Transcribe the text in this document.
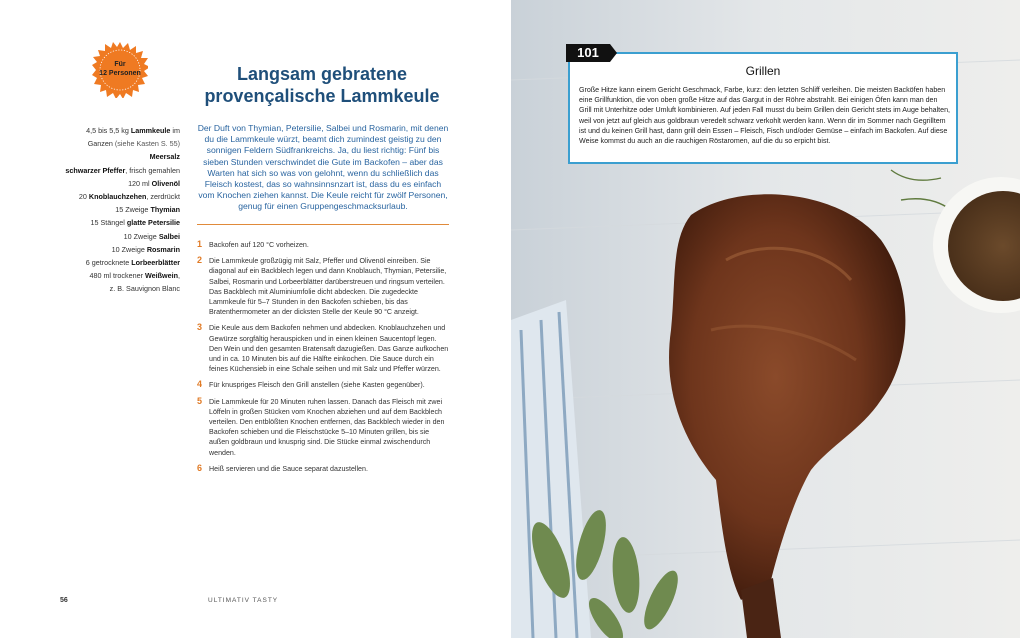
Für
12 Personen
4,5 bis 5,5 kg Lammkeule im
Ganzen (siehe Kasten S. 55)
Meersalz
schwarzer Pfeffer, frisch gemahlen
120 ml Olivenöl
20 Knoblauchzehen, zerdrückt
15 Zweige Thymian
15 Stängel glatte Petersilie
10 Zweige Salbei
10 Zweige Rosmarin
6 getrocknete Lorbeerblätter
480 ml trockener Weißwein,
z. B. Sauvignon Blanc
Langsam gebratene
provençalische Lammkeule
Der Duft von Thymian, Petersilie, Salbei und Rosmarin, mit denen du die Lammkeule würzt, beamt dich zumindest geistig zu den sonnigen Feldern Südfrankreichs. Ja, du liest richtig: Fünf bis sieben Stunden verschwindet die Gute im Backofen – aber das Warten hat sich so was von gelohnt, wenn du schließlich das Fleisch kostest, das so wahnsinnsnzart ist, dass du es einfach vom Knochen ziehen kannst. Die Keule reicht für zwölf Personen, genug für einen Gruppengeschmacksurlaub.
1 Backofen auf 120 °C vorheizen.
2 Die Lammkeule großzügig mit Salz, Pfeffer und Olivenöl einreiben. Sie diagonal auf ein Backblech legen und dann Knoblauch, Thymian, Petersilie, Salbei, Rosmarin und Lorbeerblätter darüberstreuen und ringsum verteilen. Das Backblech mit Aluminiumfolie dicht abdecken. Die zugedeckte Lammkeule für 5–7 Stunden in den Backofen schieben, bis das Bratenthermometer an der dicksten Stelle der Keule 90 °C anzeigt.
3 Die Keule aus dem Backofen nehmen und abdecken. Knoblauchzehen und Gewürze sorgfältig herauspicken und in einen kleinen Saucentopf legen. Den Wein und den gesamten Bratensaft dazugießen. Das Ganze aufkochen und in ca. 10 Minuten bis auf die Hälfte einkochen. Die Sauce durch ein feines Küchensieb in eine Schale seihen und mit Salz und Pfeffer würzen.
4 Für knuspriges Fleisch den Grill anstellen (siehe Kasten gegenüber).
5 Die Lammkeule für 20 Minuten ruhen lassen. Danach das Fleisch mit zwei Löffeln in großen Stücken vom Knochen abziehen und auf dem Backblech verteilen. Den entblößten Knochen entfernen, das Backblech wieder in den Backofen schieben und die Fleischstücke 5–10 Minuten grillen, bis sie außen goldbraun und knusprig sind. Die Stücke einmal zwischendurch wenden.
6 Heiß servieren und die Sauce separat dazustellen.
56	ULTIMATIV TASTY
Grillen
Große Hitze kann einem Gericht Geschmack, Farbe, kurz: den letzten Schliff verleihen. Die meisten Backöfen haben eine Grillfunktion, die von oben große Hitze auf das Gargut in der Röhre abstrahlt. Bei einigen Öfen kann man den Grill mit Unterhitze oder Umluft kombinieren. Auf jeden Fall musst du beim Grillen dein Gericht stets im Auge behalten, weil von jetzt auf gleich aus goldbraun veredelt schwarz verkohlt werden kann. Wenn dir im Sommer nach Gegrilltem ist und du keinen Grill hast, dann grill dein Essen – Fleisch, Fisch und/oder Gemüse – einfach im Backofen. Auf diese Weise kommst du auch an die rauchigen Röstaromen, auf die du so erpicht bist.
101
